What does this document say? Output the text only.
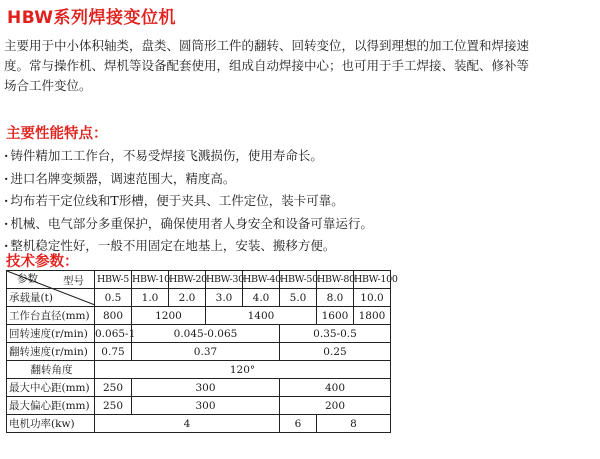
HBW系列焊接变位机

主要用于中小体积轴类，盘类、圆筒形工件的翻转、回转变位，以得到理想的加工位置和焊接速

度。常与操作机、焊机等设备配套使用，组成自动焊接中心；也可用于手工焊接、装配、修补等

场合工件变位。

主要性能特点：
· 铸件精加工工作台，不易受焊接飞溅损伤，使用寿命长。
· 进口名牌变频器，调速范围大，精度高。
· 均布若干定位线和T形槽，便于夹具、工件定位，装卡可靠。
· 机械、电气部分多重保护，确保使用者人身安全和设备可靠运行。
· 整机稳定性好，一般不用固定在地基上，安装、搬移方便。
技术参数：
型号
参数	HBW-5	HBW-10	HBW-20	HBW-30	HBW-40	HBW-50	HBW-80	HBW-100	
承载量(t)	0.5	1.0	2.0	3.0	4.0	5.0	8.0	10.0	
工作台直径(mm)	800	1200		1400			1600	1800	
回转速度(r/min)	0.065-1	0.045-0.065				0.35-0.5			
翻转速度(r/min)	0.75	0.37				0.25			
翻转角度	120°								
最大中心距(mm)	250	300				400			
最大偏心距(mm)	250	300				200			
电机功率(kw)	4					6	8		
